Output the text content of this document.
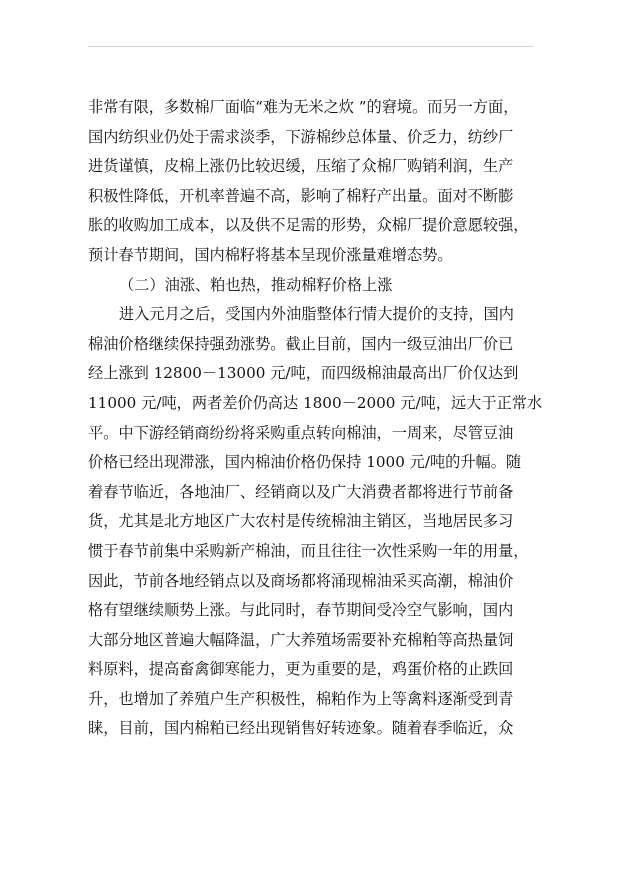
非常有限，多数棉厂面临“难为无米之炊 ”的窘境。而另一方面，
国内纺织业仍处于需求淡季，下游棉纱总体量、价乏力，纺纱厂
进货谨慎，皮棉上涨仍比较迟缓，压缩了众棉厂购销利润，生产
积极性降低，开机率普遍不高，影响了棉籽产出量。面对不断膨
胀的收购加工成本，以及供不足需的形势，众棉厂提价意愿较强，
预计春节期间，国内棉籽将基本呈现价涨量难增态势。
（二）油涨、粕也热，推动棉籽价格上涨
进入元月之后，受国内外油脂整体行情大提价的支持，国内
棉油价格继续保持强劲涨势。截止目前，国内一级豆油出厂价已
经上涨到 12800－13000 元/吨，而四级棉油最高出厂价仅达到
11000 元/吨，两者差价仍高达 1800－2000 元/吨，远大于正常水
平。中下游经销商纷纷将采购重点转向棉油，一周来，尽管豆油
价格已经出现滞涨，国内棉油价格仍保持 1000 元/吨的升幅。随
着春节临近，各地油厂、经销商以及广大消费者都将进行节前备
货，尤其是北方地区广大农村是传统棉油主销区，当地居民多习
惯于春节前集中采购新产棉油，而且往往一次性采购一年的用量，
因此，节前各地经销点以及商场都将涌现棉油采买高潮，棉油价
格有望继续顺势上涨。与此同时，春节期间受冷空气影响，国内
大部分地区普遍大幅降温，广大养殖场需要补充棉粕等高热量饲
料原料，提高畜禽御寒能力，更为重要的是，鸡蛋价格的止跌回
升，也增加了养殖户生产积极性，棉粕作为上等禽料逐渐受到青
睐，目前，国内棉粕已经出现销售好转迹象。随着春季临近，众
